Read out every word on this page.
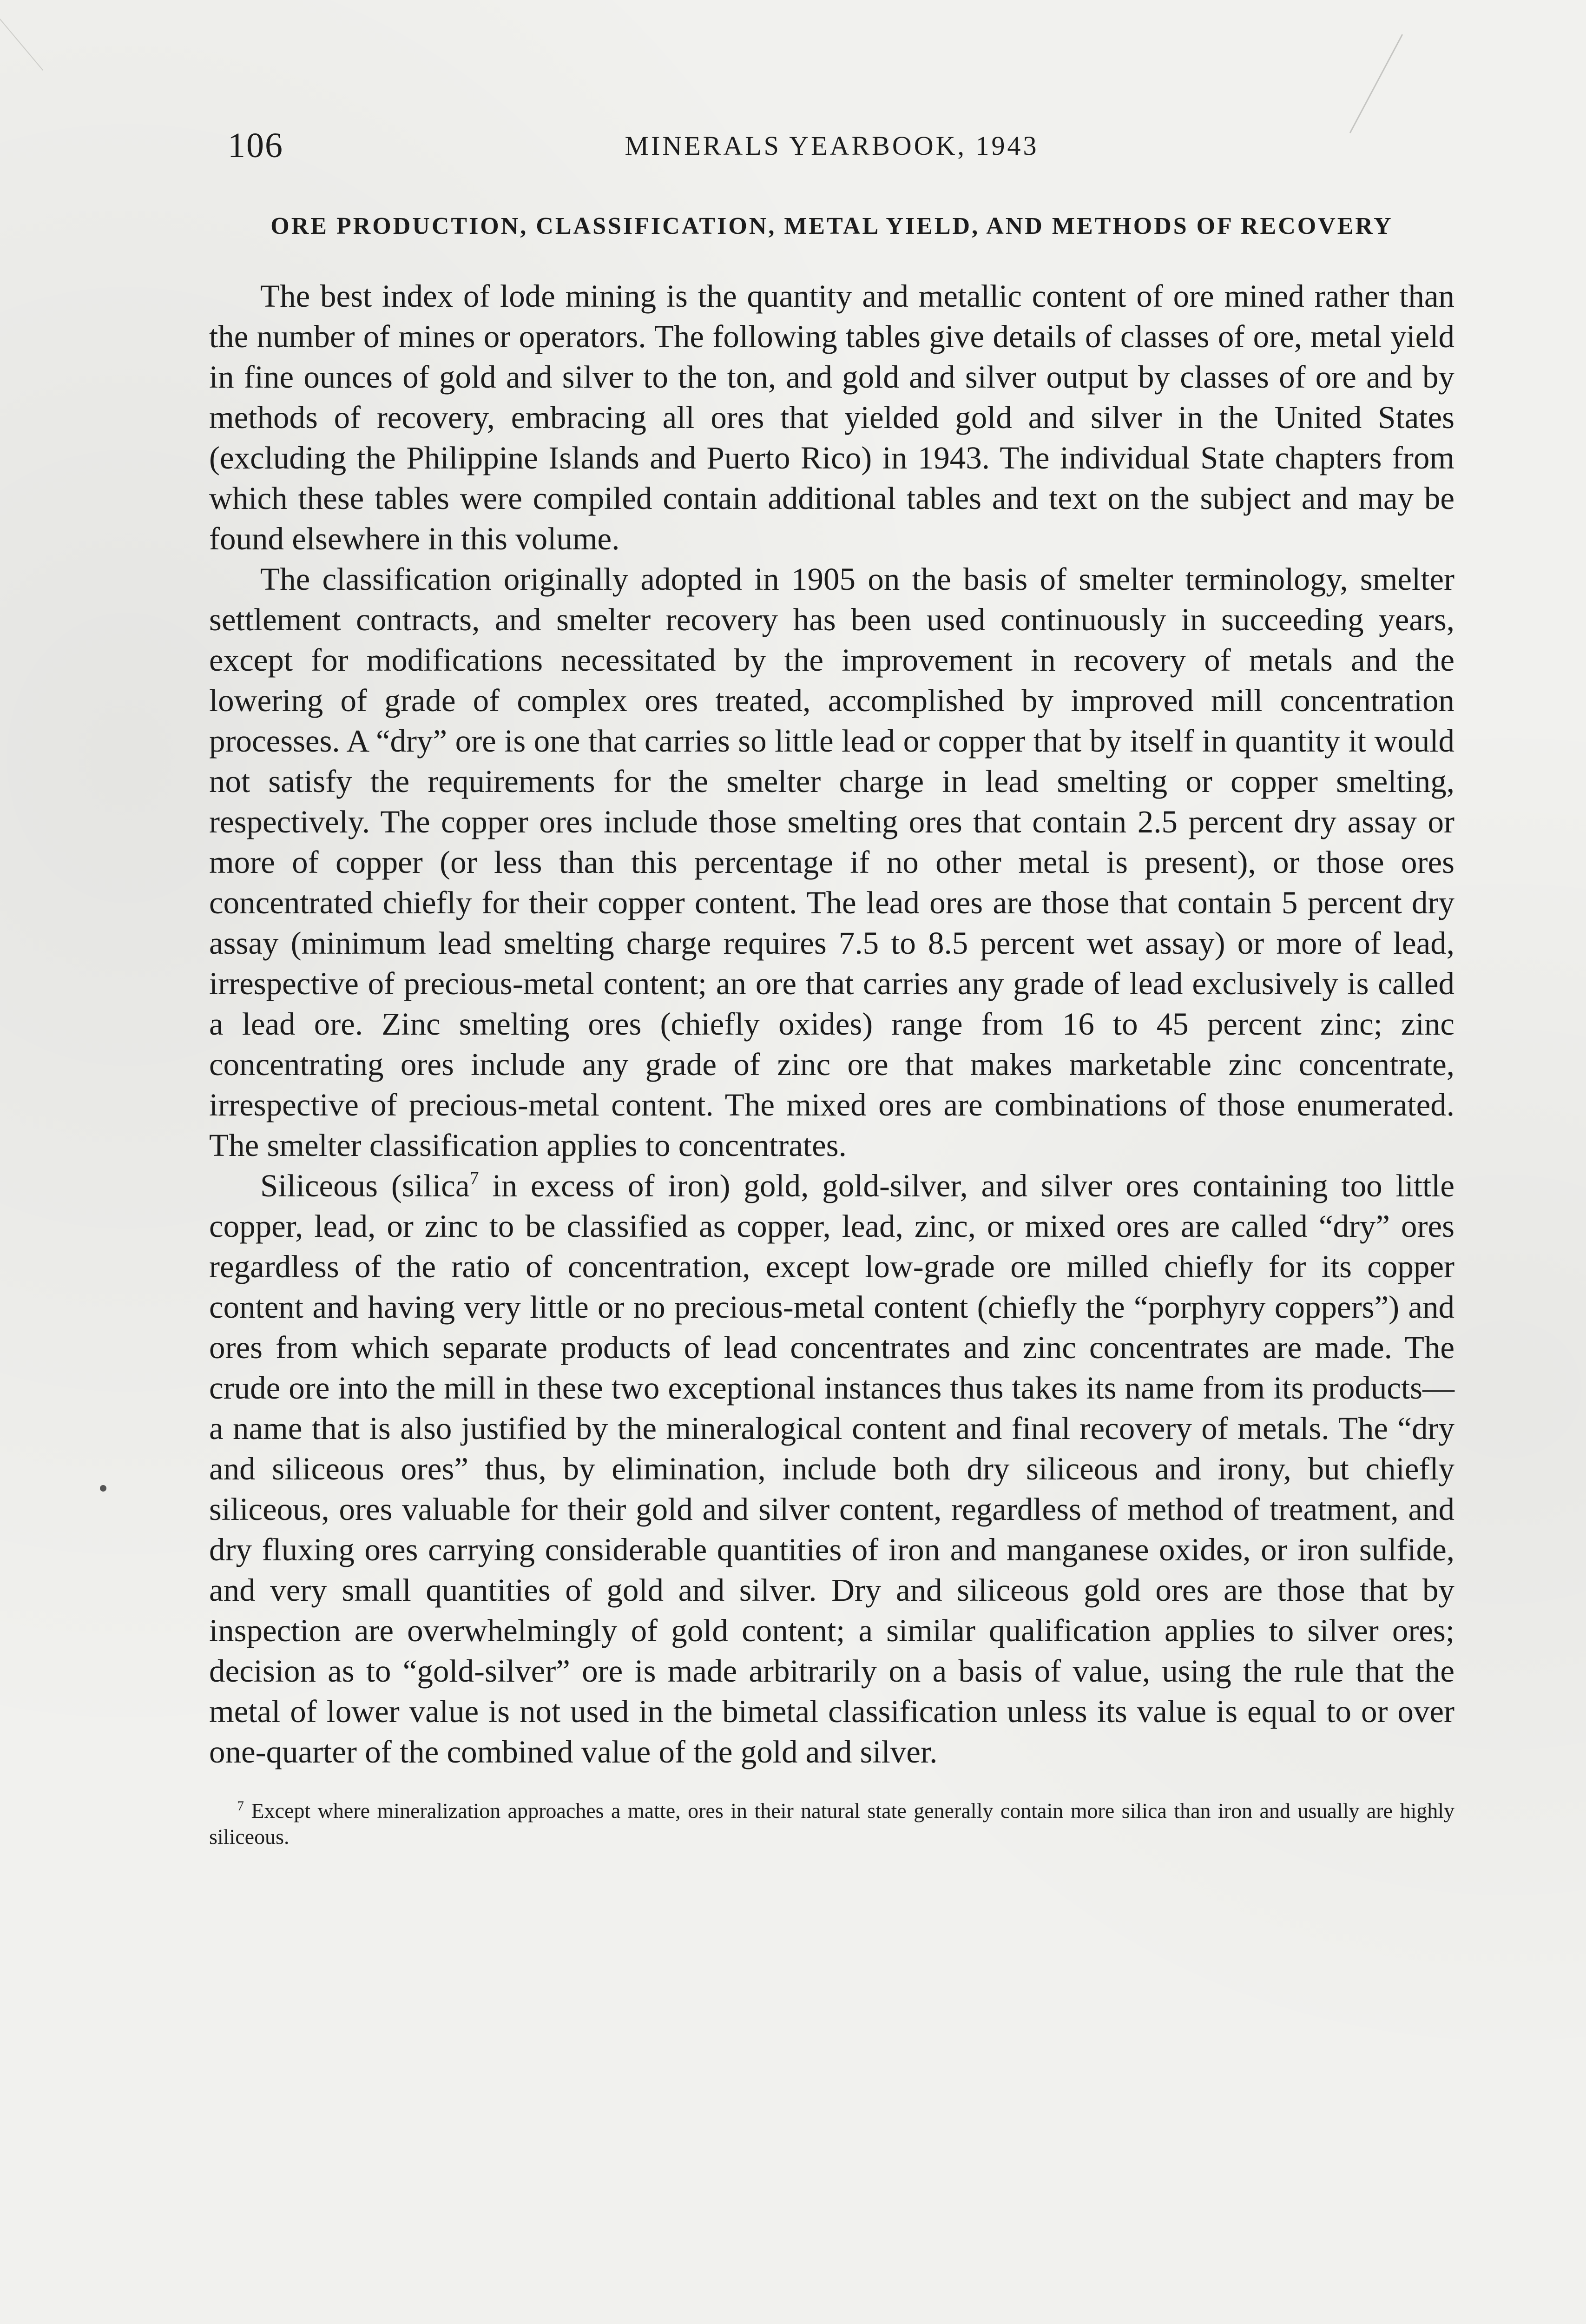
106	MINERALS YEARBOOK, 1943
ORE PRODUCTION, CLASSIFICATION, METAL YIELD, AND METHODS OF RECOVERY

The best index of lode mining is the quantity and metallic content of ore mined rather than the number of mines or operators. The following tables give details of classes of ore, metal yield in fine ounces of gold and silver to the ton, and gold and silver output by classes of ore and by methods of recovery, embracing all ores that yielded gold and silver in the United States (excluding the Philippine Islands and Puerto Rico) in 1943. The individual State chapters from which these tables were compiled contain additional tables and text on the subject and may be found elsewhere in this volume.

The classification originally adopted in 1905 on the basis of smelter terminology, smelter settlement contracts, and smelter recovery has been used continuously in succeeding years, except for modifications necessitated by the improvement in recovery of metals and the lowering of grade of complex ores treated, accomplished by improved mill concentration processes. A “dry” ore is one that carries so little lead or copper that by itself in quantity it would not satisfy the requirements for the smelter charge in lead smelting or copper smelting, respectively. The copper ores include those smelting ores that contain 2.5 percent dry assay or more of copper (or less than this percentage if no other metal is present), or those ores concentrated chiefly for their copper content. The lead ores are those that contain 5 percent dry assay (minimum lead smelting charge requires 7.5 to 8.5 percent wet assay) or more of lead, irrespective of precious-metal content; an ore that carries any grade of lead exclusively is called a lead ore. Zinc smelting ores (chiefly oxides) range from 16 to 45 percent zinc; zinc concentrating ores include any grade of zinc ore that makes marketable zinc concentrate, irrespective of precious-metal content. The mixed ores are combinations of those enumerated. The smelter classification applies to concentrates.

Siliceous (silica$^7$ in excess of iron) gold, gold-silver, and silver ores containing too little copper, lead, or zinc to be classified as copper, lead, zinc, or mixed ores are called “dry” ores regardless of the ratio of concentration, except low-grade ore milled chiefly for its copper content and having very little or no precious-metal content (chiefly the “porphyry coppers”) and ores from which separate products of lead concentrates and zinc concentrates are made. The crude ore into the mill in these two exceptional instances thus takes its name from its products—a name that is also justified by the mineralogical content and final recovery of metals. The “dry and siliceous ores” thus, by elimination, include both dry siliceous and irony, but chiefly siliceous, ores valuable for their gold and silver content, regardless of method of treatment, and dry fluxing ores carrying considerable quantities of iron and manganese oxides, or iron sulfide, and very small quantities of gold and silver. Dry and siliceous gold ores are those that by inspection are overwhelmingly of gold content; a similar qualification applies to silver ores; decision as to “gold-silver” ore is made arbitrarily on a basis of value, using the rule that the metal of lower value is not used in the bimetal classification unless its value is equal to or over one-quarter of the combined value of the gold and silver.

$^7$ Except where mineralization approaches a matte, ores in their natural state generally contain more silica than iron and usually are highly siliceous.
